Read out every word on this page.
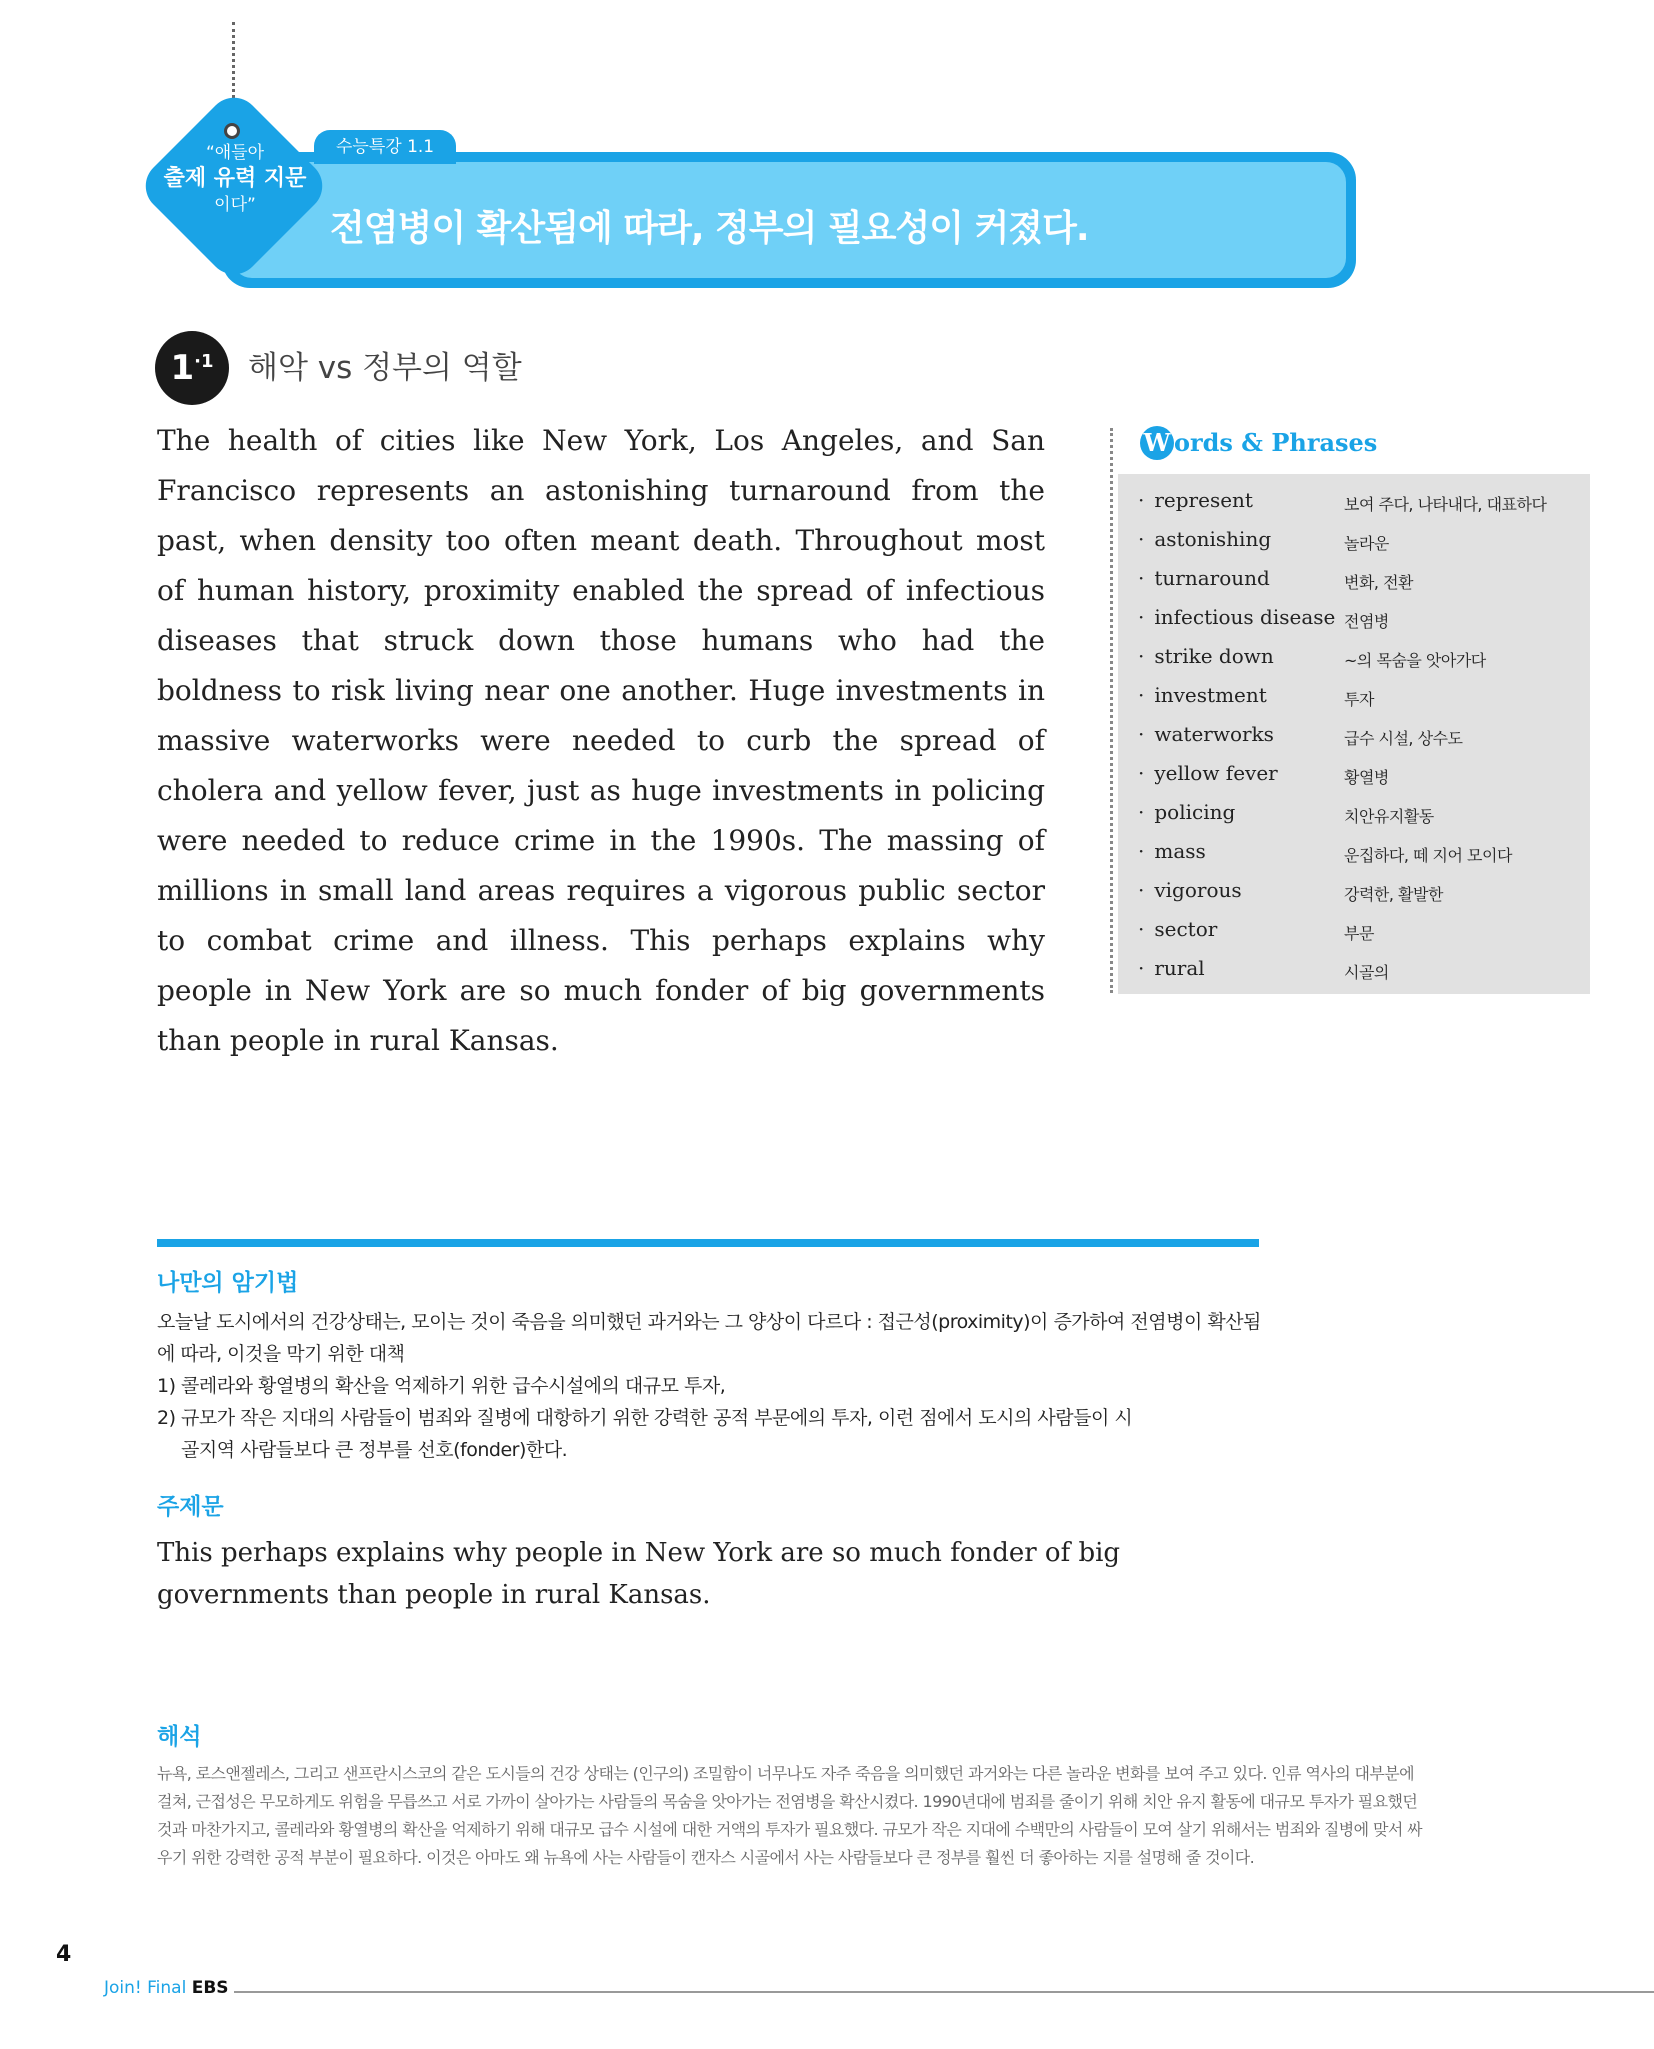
“애들아
출제 유력 지문
이다”
수능특강 1.1
전염병이 확산됨에 따라, 정부의 필요성이 커졌다.
$1^{\cdot 1}$	해악 vs 정부의 역할
The health of cities like New York, Los Angeles, and San Francisco represents an astonishing turnaround from the past, when density too often meant death. Throughout most of human history, proximity enabled the spread of infectious diseases that struck down those humans who had the boldness to risk living near one another. Huge investments in massive waterworks were needed to curb the spread of cholera and yellow fever, just as huge investments in policing were needed to reduce crime in the 1990s. The massing of millions in small land areas requires a vigorous public sector to combat crime and illness. This perhaps explains why people in New York are so much fonder of big governments than people in rural Kansas.
W ords & Phrases
· represent	보여 주다, 나타내다, 대표하다
· astonishing	놀라운
· turnaround	변화, 전환
· infectious disease 전염병
· strike down	~의 목숨을 앗아가다
· investment	투자
· waterworks	급수 시설, 상수도
· yellow fever	황열병
· policing	치안유지활동
· mass	운집하다, 떼 지어 모이다
· vigorous	강력한, 활발한
· sector	부문
· rural	시골의
나만의 암기법

오늘날 도시에서의 건강상태는, 모이는 것이 죽음을 의미했던 과거와는 그 양상이 다르다 : 접근성(proximity)이 증가하여 전염병이 확산됨에 따라, 이것을 막기 위한 대책

1) 콜레라와 황열병의 확산을 억제하기 위한 급수시설에의 대규모 투자,

2) 규모가 작은 지대의 사람들이 범죄와 질병에 대항하기 위한 강력한 공적 부문에의 투자, 이런 점에서 도시의 사람들이 시

골지역 사람들보다 큰 정부를 선호(fonder)한다.

주제문
This perhaps explains why people in New York are so much fonder of big governments than people in rural Kansas.
해석
뉴욕, 로스앤젤레스, 그리고 샌프란시스코의 같은 도시들의 건강 상태는 (인구의) 조밀함이 너무나도 자주 죽음을 의미했던 과거와는 다른 놀라운 변화를 보여 주고 있다. 인류 역사의 대부분에 걸쳐, 근접성은 무모하게도 위험을 무릅쓰고 서로 가까이 살아가는 사람들의 목숨을 앗아가는 전염병을 확산시켰다. 1990년대에 범죄를 줄이기 위해 치안 유지 활동에 대규모 투자가 필요했던 것과 마찬가지고, 콜레라와 황열병의 확산을 억제하기 위해 대규모 급수 시설에 대한 거액의 투자가 필요했다. 규모가 작은 지대에 수백만의 사람들이 모여 살기 위해서는 범죄와 질병에 맞서 싸우기 위한 강력한 공적 부분이 필요하다. 이것은 아마도 왜 뉴욕에 사는 사람들이 캔자스 시골에서 사는 사람들보다 큰 정부를 훨씬 더 좋아하는 지를 설명해 줄 것이다.
4
Join! Final EBS
